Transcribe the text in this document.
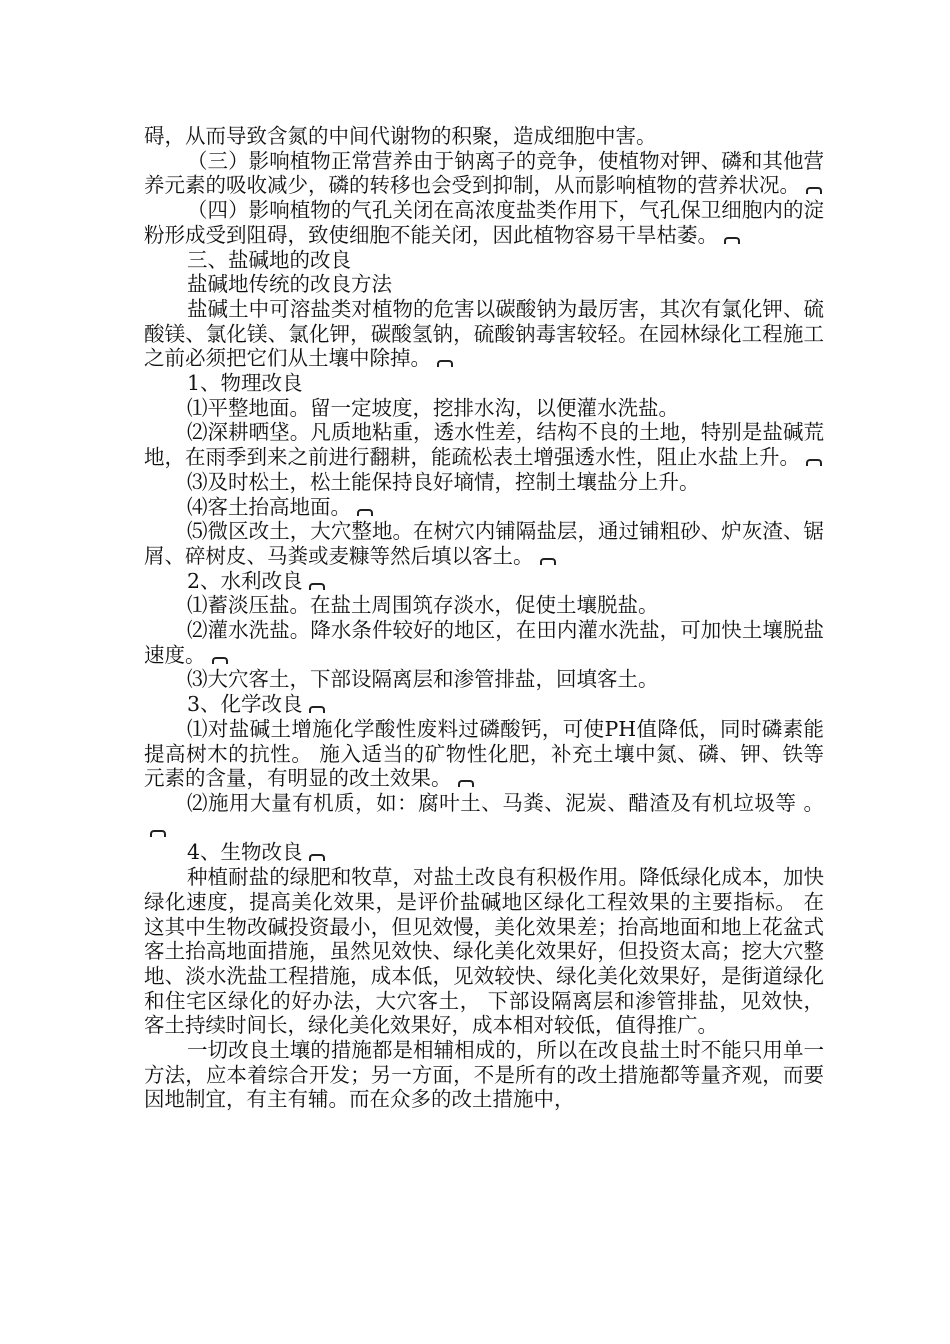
碍，从而导致含氮的中间代谢物的积聚，造成细胞中害。

（三）影响植物正常营养由于钠离子的竞争，使植物对钾、磷和其他营养元素的吸收减少，磷的转移也会受到抑制，从而影响植物的营养状况。

（四）影响植物的气孔关闭在高浓度盐类作用下，气孔保卫细胞内的淀粉形成受到阻碍，致使细胞不能关闭，因此植物容易干旱枯萎。

三、盐碱地的改良

盐碱地传统的改良方法

盐碱土中可溶盐类对植物的危害以碳酸钠为最厉害，其次有氯化钾、硫酸镁、氯化镁、氯化钾，碳酸氢钠，硫酸钠毒害较轻。在园林绿化工程施工之前必须把它们从土壤中除掉。

1、物理改良

⑴平整地面。留一定坡度，挖排水沟，以便灌水洗盐。

⑵深耕晒垡。凡质地粘重，透水性差，结构不良的土地，特别是盐碱荒地，在雨季到来之前进行翻耕，能疏松表土增强透水性，阻止水盐上升。

⑶及时松土，松土能保持良好墒情，控制土壤盐分上升。

⑷客土抬高地面。

⑸微区改土，大穴整地。在树穴内铺隔盐层，通过铺粗砂、炉灰渣、锯屑、碎树皮、马粪或麦糠等然后填以客土。

2、水利改良

⑴蓄淡压盐。在盐土周围筑存淡水，促使土壤脱盐。

⑵灌水洗盐。降水条件较好的地区，在田内灌水洗盐，可加快土壤脱盐速度。

⑶大穴客土，下部设隔离层和渗管排盐，回填客土。

3、化学改良

⑴对盐碱土增施化学酸性废料过磷酸钙，可使PH值降低，同时磷素能提高树木的抗性。 施入适当的矿物性化肥，补充土壤中氮、磷、钾、铁等元素的含量，有明显的改土效果。

⑵施用大量有机质，如：腐叶土、马粪、泥炭、醋渣及有机垃圾等 。

4、生物改良

种植耐盐的绿肥和牧草，对盐土改良有积极作用。降低绿化成本，加快绿化速度，提高美化效果，是评价盐碱地区绿化工程效果的主要指标。 在这其中生物改碱投资最小，但见效慢，美化效果差；抬高地面和地上花盆式客土抬高地面措施，虽然见效快、绿化美化效果好，但投资太高；挖大穴整地、淡水洗盐工程措施，成本低，见效较快、绿化美化效果好，是街道绿化和住宅区绿化的好办法，大穴客土， 下部设隔离层和渗管排盐，见效快，客土持续时间长，绿化美化效果好，成本相对较低，值得推广。

一切改良土壤的措施都是相辅相成的，所以在改良盐土时不能只用单一方法，应本着综合开发；另一方面，不是所有的改土措施都等量齐观，而要因地制宜，有主有辅。而在众多的改土措施中，
